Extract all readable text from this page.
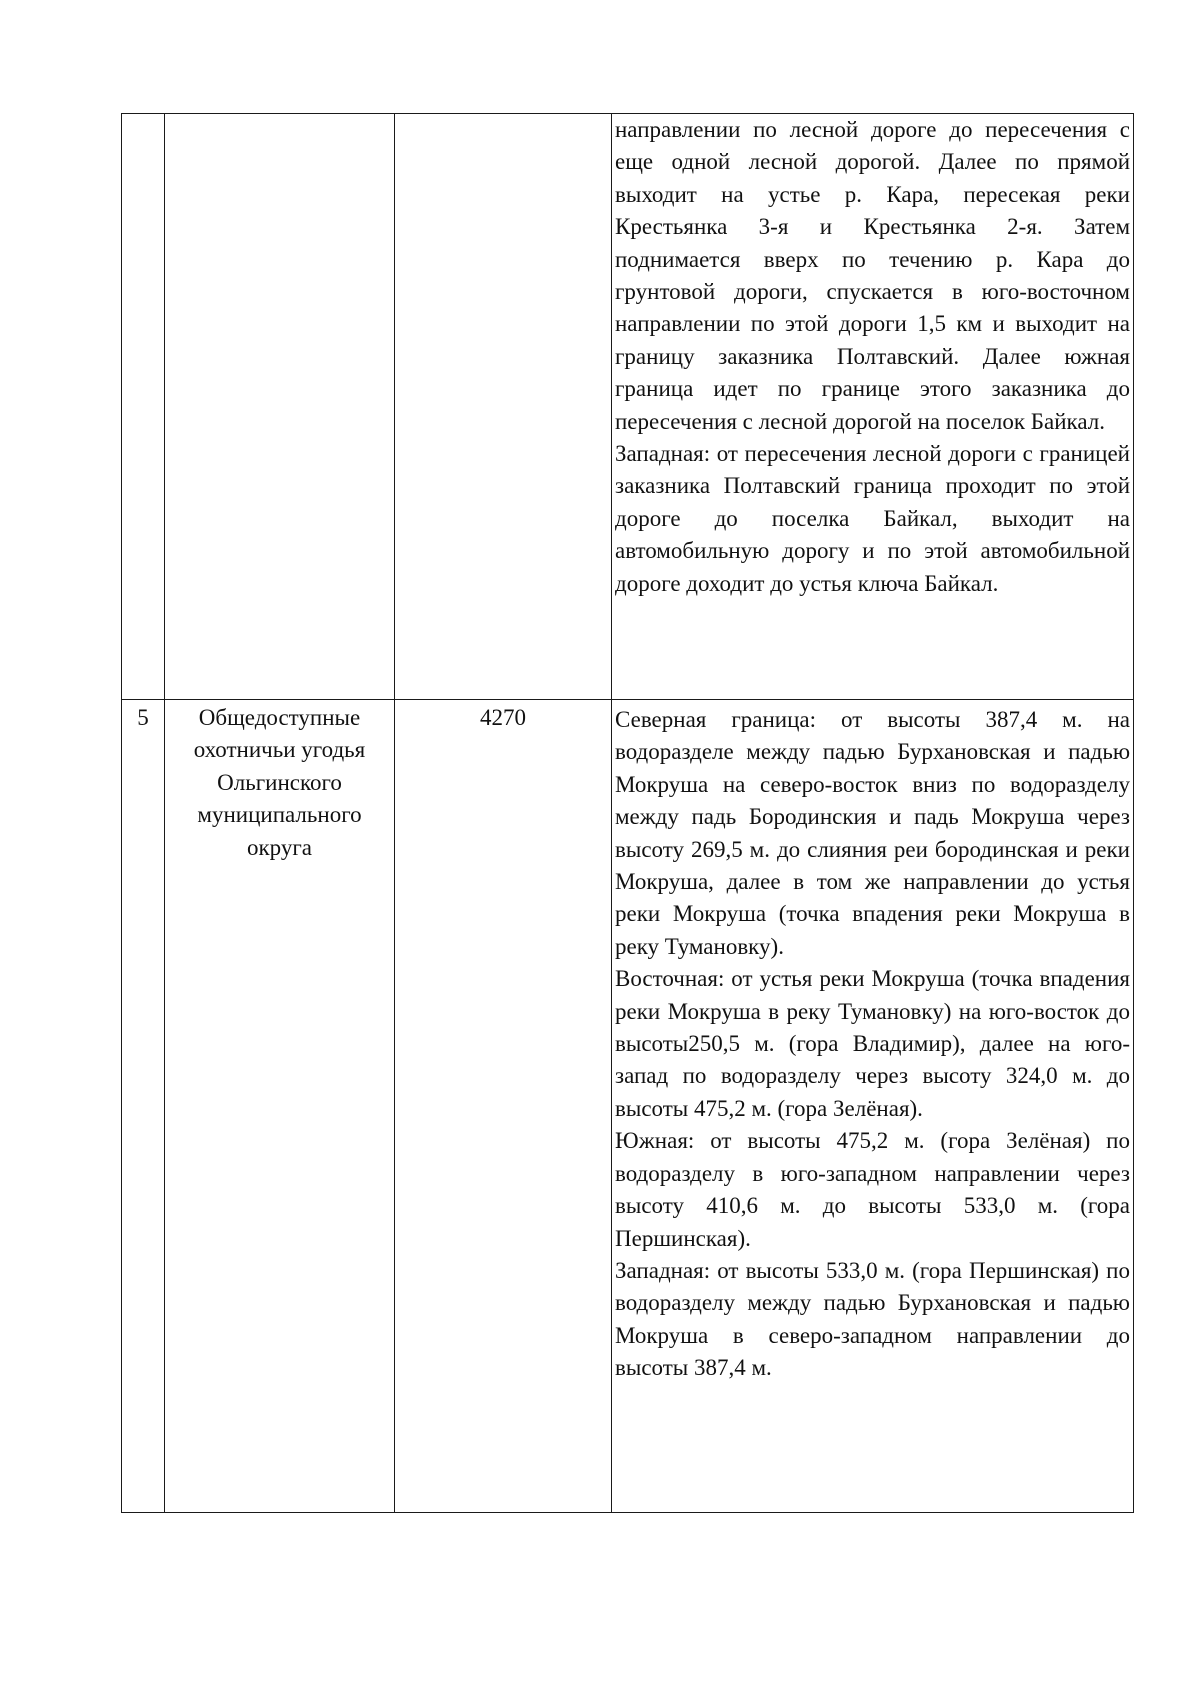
			направлении по лесной дороге до пересечения с еще одной лесной дорогой. Далее по прямой выходит на устье р. Кара, пересекая реки Крестьянка 3-я и Крестьянка 2-я. Затем поднимается вверх по течению р. Кара до грунтовой дороги, спускается в юго-восточном направлении по этой дороги 1,5 км и выходит на границу заказника Полтавский. Далее южная граница идет по границе этого заказника до пересечения с лесной дорогой на поселок Байкал.

Западная: от пересечения лесной дороги с границей заказника Полтавский граница проходит по этой дороге до поселка Байкал, выходит на автомобильную дорогу и по этой автомобильной дороге доходит до устья ключа Байкал.

5	Общедоступные охотничьи угодья Ольгинского муниципального округа	4270	Северная граница: от высоты 387,4 м. на водоразделе между падью Бурхановская и падью Мокруша на северо-восток вниз по водоразделу между падь Бородинския и падь Мокруша через высоту 269,5 м. до слияния реи бородинская и реки Мокруша, далее в том же направлении до устья реки Мокруша (точка впадения реки Мокруша в реку Тумановку).

Восточная: от устья реки Мокруша (точка впадения реки Мокруша в реку Тумановку) на юго-восток до высоты250,5 м. (гора Владимир), далее на юго-запад по водоразделу через высоту 324,0 м. до высоты 475,2 м. (гора Зелёная).

Южная: от высоты 475,2 м. (гора Зелёная) по водоразделу в юго-западном направлении через высоту 410,6 м. до высоты 533,0 м. (гора Першинская).

Западная: от высоты 533,0 м. (гора Першинская) по водоразделу между падью Бурхановская и падью Мокруша в северо-западном направлении до высоты 387,4 м.
